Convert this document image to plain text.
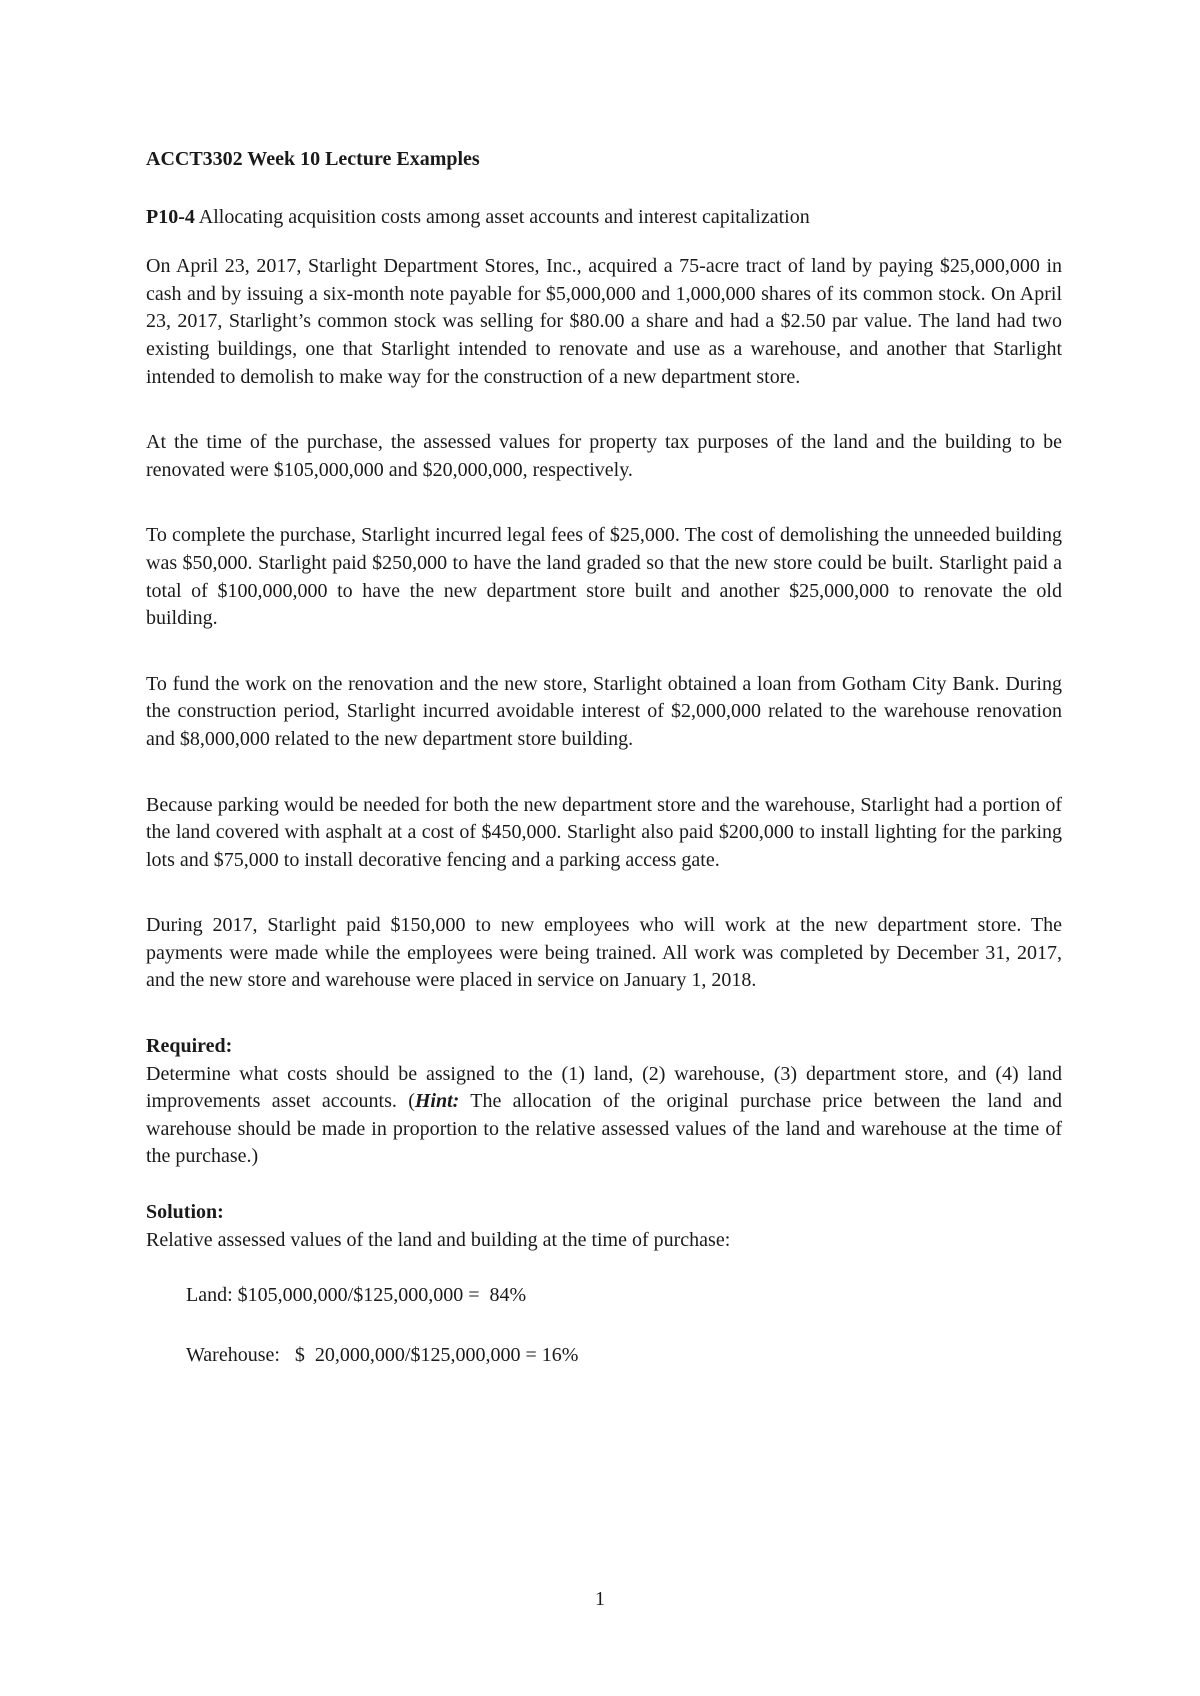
ACCT3302 Week 10 Lecture Examples
P10-4 Allocating acquisition costs among asset accounts and interest capitalization
On April 23, 2017, Starlight Department Stores, Inc., acquired a 75-acre tract of land by paying $25,000,000 in cash and by issuing a six-month note payable for $5,000,000 and 1,000,000 shares of its common stock. On April 23, 2017, Starlight’s common stock was selling for $80.00 a share and had a $2.50 par value. The land had two existing buildings, one that Starlight intended to renovate and use as a warehouse, and another that Starlight intended to demolish to make way for the construction of a new department store.
At the time of the purchase, the assessed values for property tax purposes of the land and the building to be renovated were $105,000,000 and $20,000,000, respectively.
To complete the purchase, Starlight incurred legal fees of $25,000. The cost of demolishing the unneeded building was $50,000. Starlight paid $250,000 to have the land graded so that the new store could be built. Starlight paid a total of $100,000,000 to have the new department store built and another $25,000,000 to renovate the old building.
To fund the work on the renovation and the new store, Starlight obtained a loan from Gotham City Bank. During the construction period, Starlight incurred avoidable interest of $2,000,000 related to the warehouse renovation and $8,000,000 related to the new department store building.
Because parking would be needed for both the new department store and the warehouse, Starlight had a portion of the land covered with asphalt at a cost of $450,000. Starlight also paid $200,000 to install lighting for the parking lots and $75,000 to install decorative fencing and a parking access gate.
During 2017, Starlight paid $150,000 to new employees who will work at the new department store. The payments were made while the employees were being trained. All work was completed by December 31, 2017, and the new store and warehouse were placed in service on January 1, 2018.
Required:
Determine what costs should be assigned to the (1) land, (2) warehouse, (3) department store, and (4) land improvements asset accounts. (Hint: The allocation of the original purchase price between the land and warehouse should be made in proportion to the relative assessed values of the land and warehouse at the time of the purchase.)
Solution:
Relative assessed values of the land and building at the time of purchase:
Land: $105,000,000/$125,000,000 =  84%
Warehouse:   $  20,000,000/$125,000,000 = 16%
1
